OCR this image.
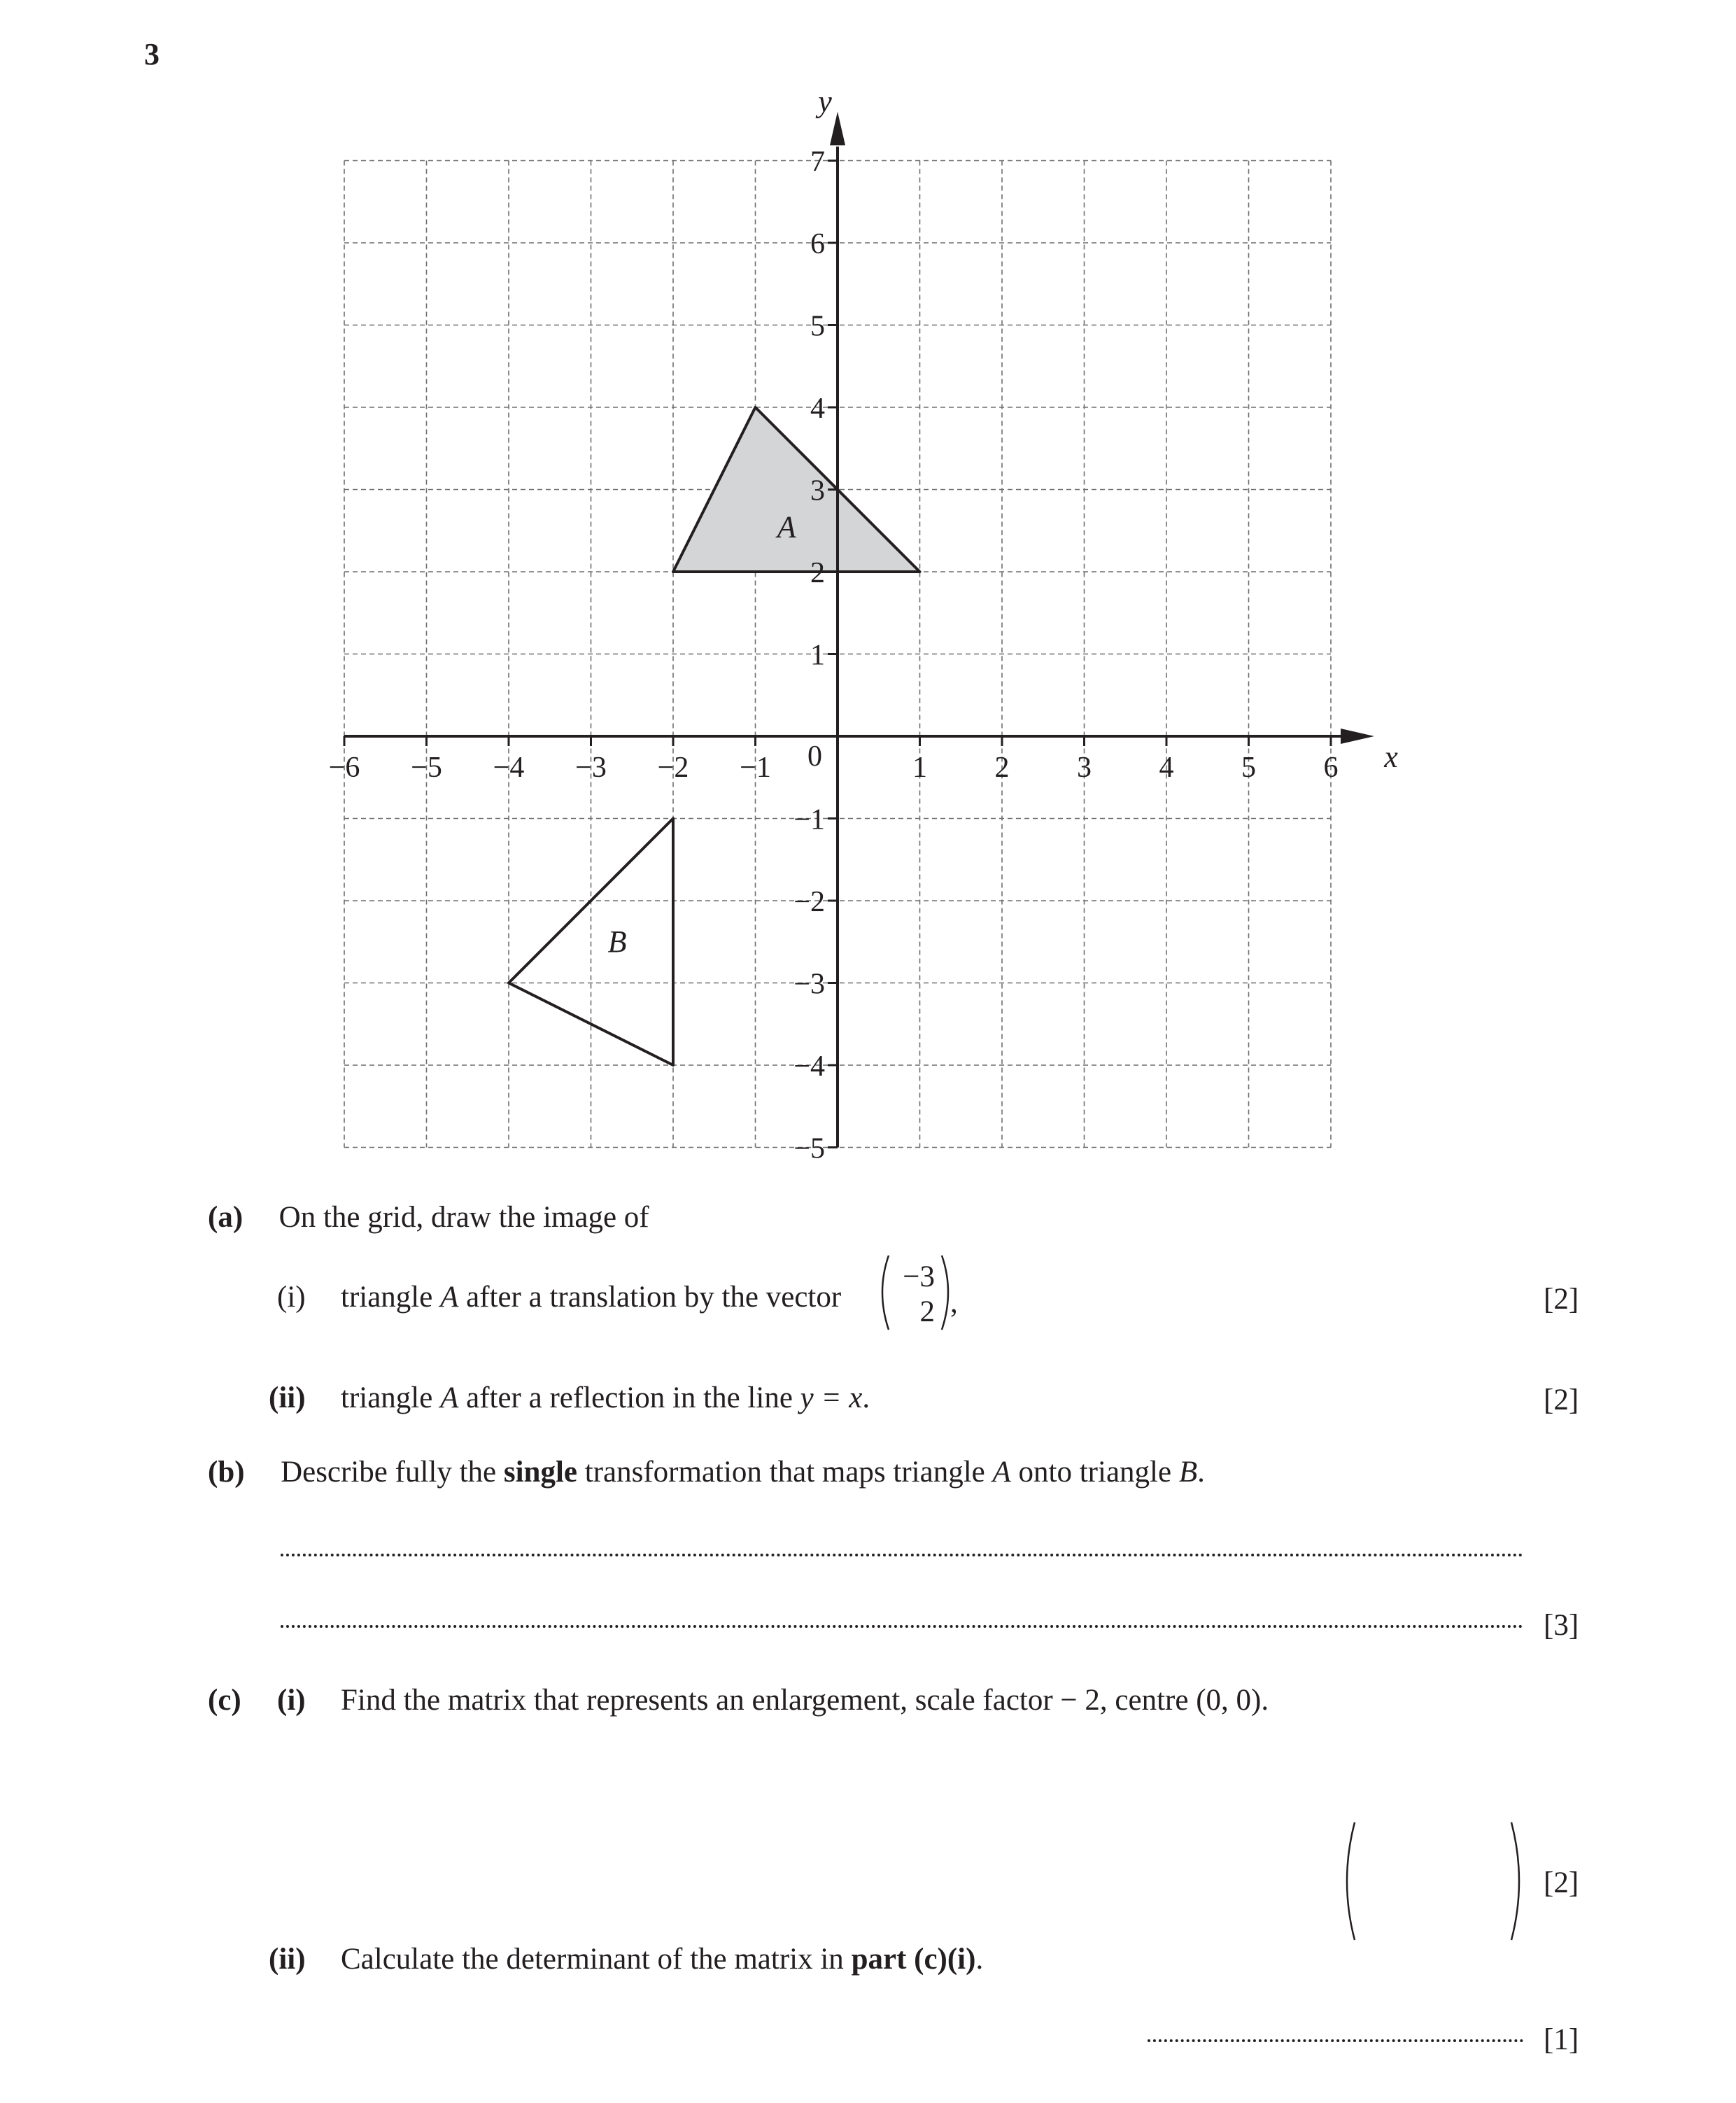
3
A
B
−6 −5 −4 −3 −2 −1	1 2 3 4 5 6
7
6
5
4
3
2
1
−1
−2
−3
−4
−5
0	x
y
(a) On the grid, draw the image of
(i) triangle A after a translation by the vector
−3
2 ,	[2]
(ii) triangle A after a reflection in the line y = x.	[2]
(b) Describe fully the single transformation that maps triangle A onto triangle B.
[3]
(c) (i) Find the matrix that represents an enlargement, scale factor − 2, centre (0, 0).
[2]
(ii) Calculate the determinant of the matrix in part (c)(i).
[1]
